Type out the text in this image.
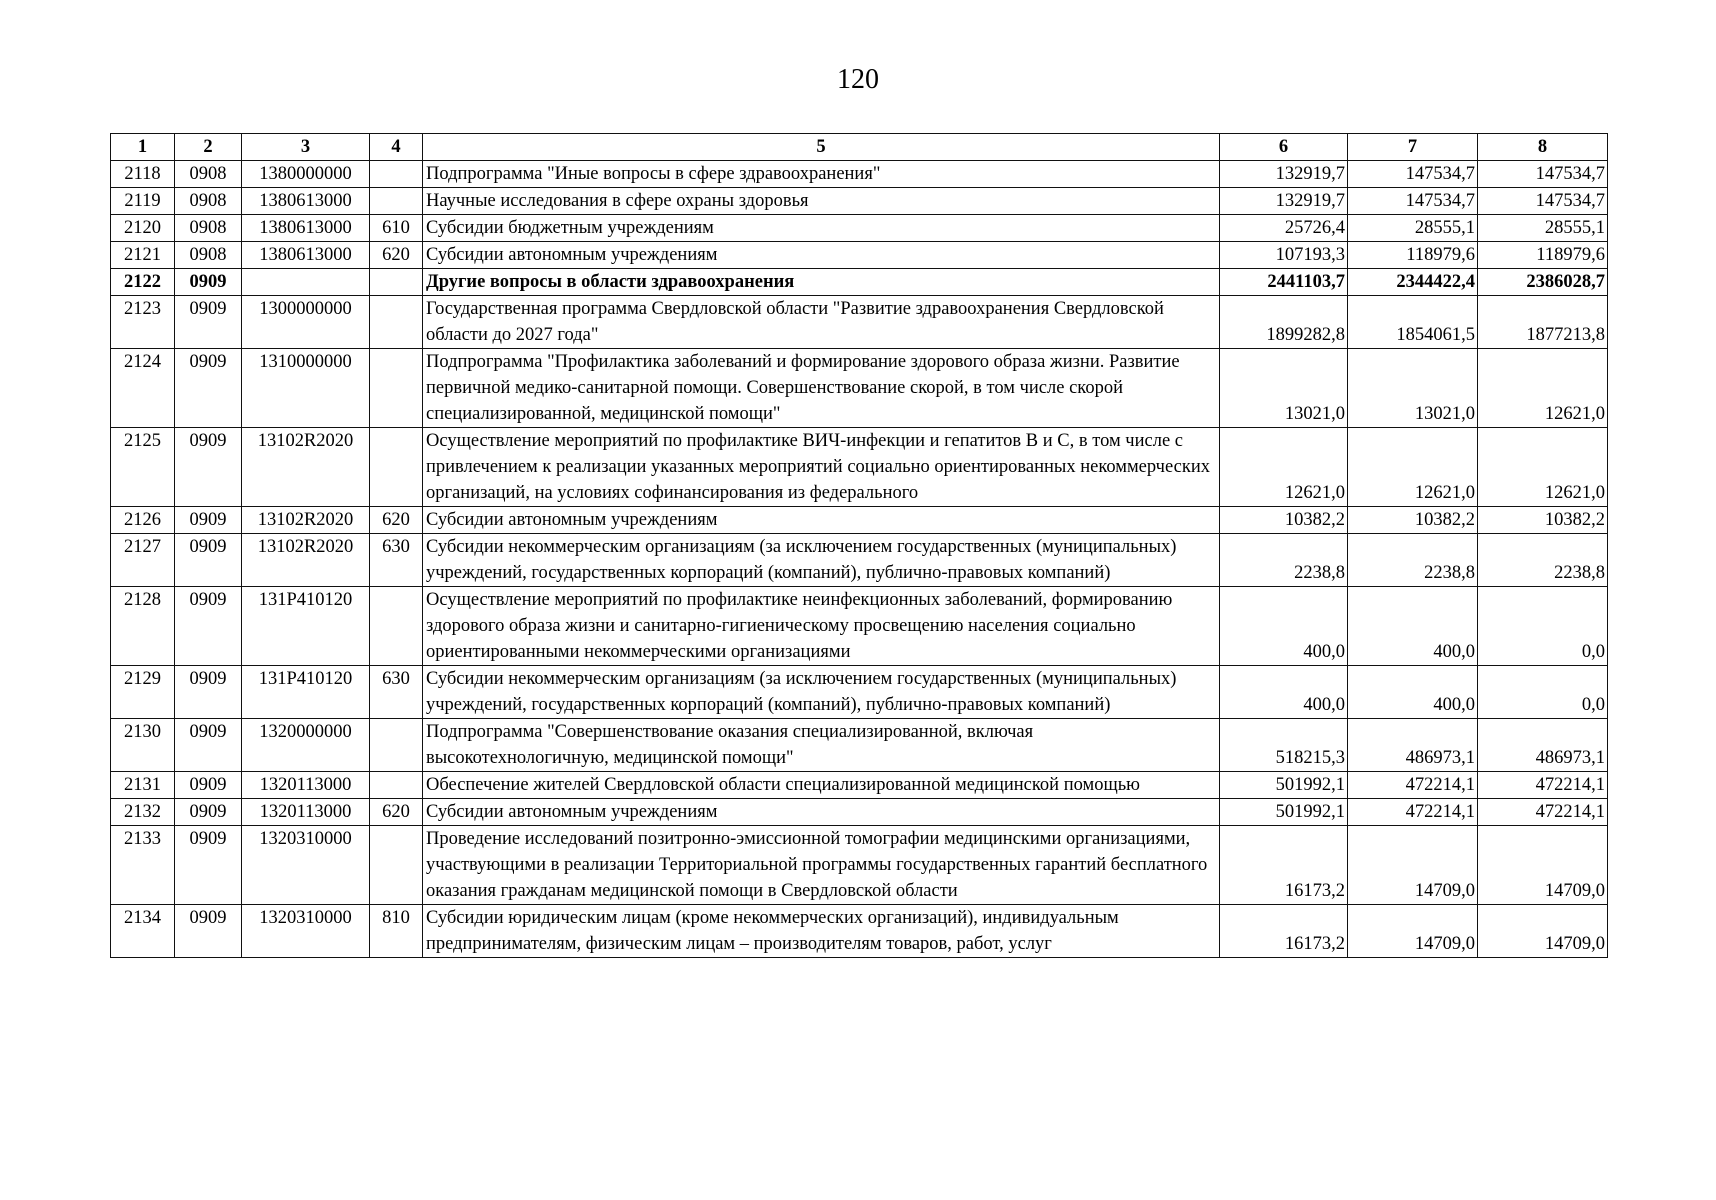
120
1	2	3	4	5	6	7	8
2118	0908	1380000000		Подпрограмма "Иные вопросы в сфере здравоохранения"	132919,7	147534,7	147534,7
2119	0908	1380613000		Научные исследования в сфере охраны здоровья	132919,7	147534,7	147534,7
2120	0908	1380613000	610	Субсидии бюджетным учреждениям	25726,4	28555,1	28555,1
2121	0908	1380613000	620	Субсидии автономным учреждениям	107193,3	118979,6	118979,6
2122	0909			Другие вопросы в области здравоохранения	2441103,7	2344422,4	2386028,7
2123	0909	1300000000		Государственная программа Свердловской области "Развитие здравоохранения Свердловской области до 2027 года"	1899282,8	1854061,5	1877213,8
2124	0909	1310000000		Подпрограмма "Профилактика заболеваний и формирование здорового образа жизни. Развитие первичной медико-санитарной помощи. Совершенствование скорой, в том числе скорой специализированной, медицинской помощи"	13021,0	13021,0	12621,0
2125	0909	13102R2020		Осуществление мероприятий по профилактике ВИЧ-инфекции и гепатитов В и С, в том числе с привлечением к реализации указанных мероприятий социально ориентированных некоммерческих организаций, на условиях софинансирования из федерального	12621,0	12621,0	12621,0
2126	0909	13102R2020	620	Субсидии автономным учреждениям	10382,2	10382,2	10382,2
2127	0909	13102R2020	630	Субсидии некоммерческим организациям (за исключением государственных (муниципальных) учреждений, государственных корпораций (компаний), публично-правовых компаний)	2238,8	2238,8	2238,8
2128	0909	131P410120		Осуществление мероприятий по профилактике неинфекционных заболеваний, формированию здорового образа жизни и санитарно-гигиеническому просвещению населения социально ориентированными некоммерческими организациями	400,0	400,0	0,0
2129	0909	131P410120	630	Субсидии некоммерческим организациям (за исключением государственных (муниципальных) учреждений, государственных корпораций (компаний), публично-правовых компаний)	400,0	400,0	0,0
2130	0909	1320000000		Подпрограмма "Совершенствование оказания специализированной, включая высокотехнологичную, медицинской помощи"	518215,3	486973,1	486973,1
2131	0909	1320113000		Обеспечение жителей Свердловской области специализированной медицинской помощью	501992,1	472214,1	472214,1
2132	0909	1320113000	620	Субсидии автономным учреждениям	501992,1	472214,1	472214,1
2133	0909	1320310000		Проведение исследований позитронно-эмиссионной томографии медицинскими организациями, участвующими в реализации Территориальной программы государственных гарантий бесплатного оказания гражданам медицинской помощи в Свердловской области	16173,2	14709,0	14709,0
2134	0909	1320310000	810	Субсидии юридическим лицам (кроме некоммерческих организаций), индивидуальным предпринимателям, физическим лицам – производителям товаров, работ, услуг	16173,2	14709,0	14709,0
